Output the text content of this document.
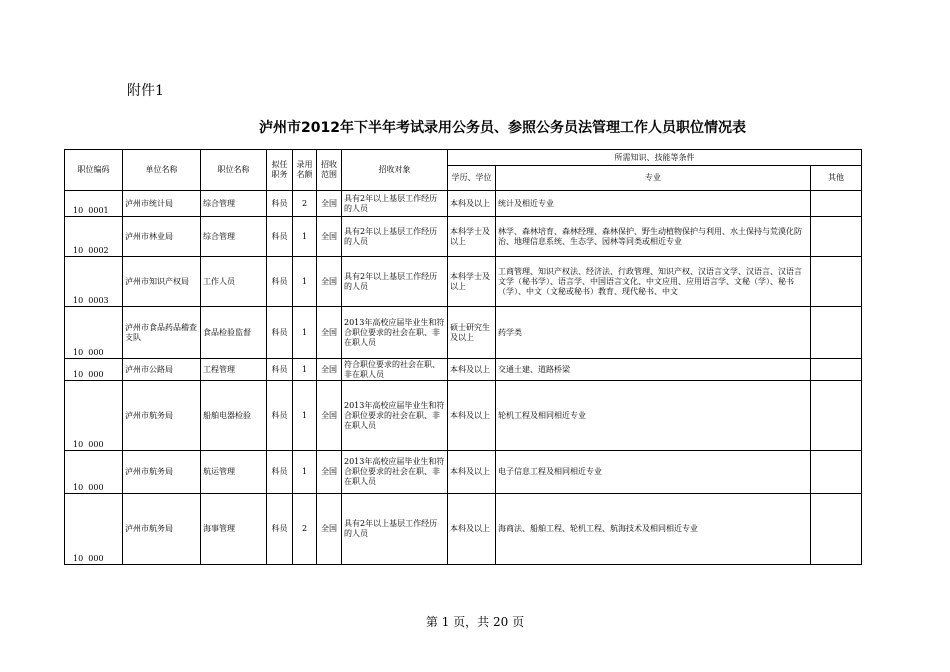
附件1
泸州市2012年下半年考试录用公务员、参照公务员法管理工作人员职位情况表
职位编码	单位名称	职位名称	拟任职务	录用名额	招收范围	招收对象	所需知识、技能等条件		
							学历、学位	专业	其他
10  0001	泸州市统计局	综合管理	科员	2	全国	具有2年以上基层工作经历的人员	本科及以上	统计及相近专业	
10  0002	泸州市林业局	综合管理	科员	1	全国	具有2年以上基层工作经历的人员	本科学士及以上	林学、森林培育、森林经理、森林保护、野生动植物保护与利用、水土保持与荒漠化防治、地理信息系统、生态学、园林等同类或相近专业	
10  0003	泸州市知识产权局	工作人员	科员	1	全国	具有2年以上基层工作经历的人员	本科学士及以上	工商管理、知识产权法、经济法、行政管理、知识产权、汉语言文学、汉语言、汉语言文学（秘书学）、语言学、中国语言文化、中文应用、应用语言学、文秘（学）、秘书（学）、中文（文秘或秘书）教育、现代秘书、中文	
10  000	泸州市食品药品稽查支队	食品检验监督	科员	1	全国	2013年高校应届毕业生和符合职位要求的社会在职、非在职人员	硕士研究生及以上	药学类	
10  000	泸州市公路局	工程管理	科员	1	全国	符合职位要求的社会在职、非在职人员	本科及以上	交通土建、道路桥梁	
10  000	泸州市航务局	船舶电器检验	科员	1	全国	2013年高校应届毕业生和符合职位要求的社会在职、非在职人员	本科及以上	轮机工程及相同相近专业	
10  000	泸州市航务局	航运管理	科员	1	全国	2013年高校应届毕业生和符合职位要求的社会在职、非在职人员	本科及以上	电子信息工程及相同相近专业	
10  000	泸州市航务局	海事管理	科员	2	全国	具有2年以上基层工作经历的人员	本科及以上	海商法、船舶工程、轮机工程、航海技术及相同相近专业	
第 1 页，共 20 页
